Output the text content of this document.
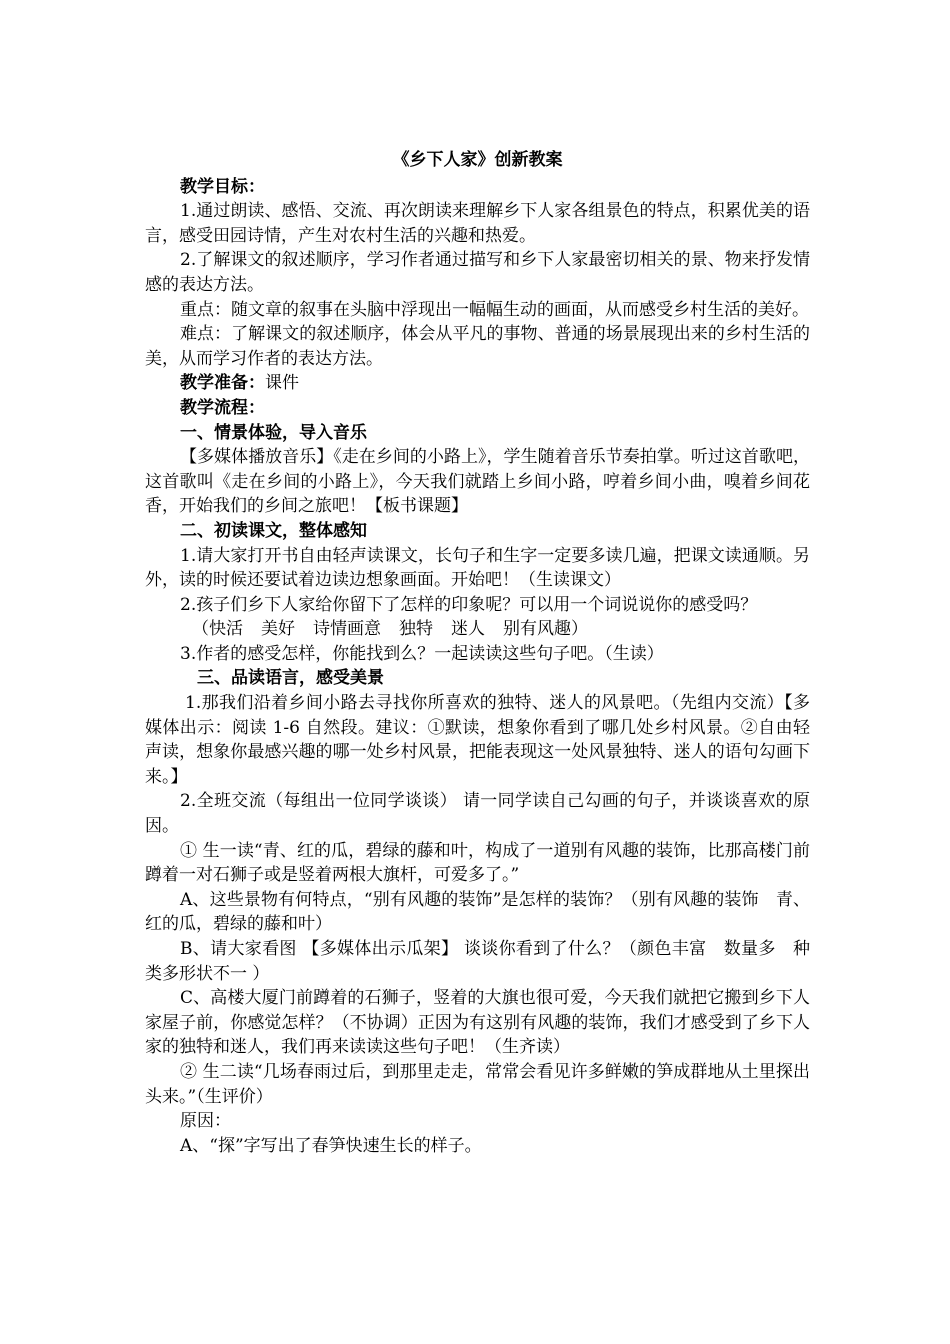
《乡下人家》创新教案

教学目标：

1.通过朗读、感悟、交流、再次朗读来理解乡下人家各组景色的特点，积累优美的语言，感受田园诗情，产生对农村生活的兴趣和热爱。

2.了解课文的叙述顺序，学习作者通过描写和乡下人家最密切相关的景、物来抒发情感的表达方法。

重点：随文章的叙事在头脑中浮现出一幅幅生动的画面，从而感受乡村生活的美好。

难点：了解课文的叙述顺序，体会从平凡的事物、普通的场景展现出来的乡村生活的美，从而学习作者的表达方法。

教学准备：课件

教学流程：

一、情景体验，导入音乐

【多媒体播放音乐】《走在乡间的小路上》，学生随着音乐节奏拍掌。听过这首歌吧，这首歌叫《走在乡间的小路上》，今天我们就踏上乡间小路，哼着乡间小曲，嗅着乡间花香，开始我们的乡间之旅吧！【板书课题】

二、初读课文，整体感知

1.请大家打开书自由轻声读课文，长句子和生字一定要多读几遍，把课文读通顺。另外，读的时候还要试着边读边想象画面。开始吧！（生读课文）

2.孩子们乡下人家给你留下了怎样的印象呢？可以用一个词说说你的感受吗？

（快活 美好 诗情画意 独特 迷人 别有风趣）

3.作者的感受怎样，你能找到么？一起读读这些句子吧。（生读）

三、品读语言，感受美景

1.那我们沿着乡间小路去寻找你所喜欢的独特、迷人的风景吧。（先组内交流）【多媒体出示：阅读 1-6 自然段。建议：①默读，想象你看到了哪几处乡村风景。②自由轻声读，想象你最感兴趣的哪一处乡村风景，把能表现这一处风景独特、迷人的语句勾画下来。】

2.全班交流（每组出一位同学谈谈） 请一同学读自己勾画的句子，并谈谈喜欢的原因。

① 生一读“青、红的瓜，碧绿的藤和叶，构成了一道别有风趣的装饰，比那高楼门前蹲着一对石狮子或是竖着两根大旗杆，可爱多了。”

A、这些景物有何特点，“别有风趣的装饰”是怎样的装饰？（别有风趣的装饰　青、红的瓜，碧绿的藤和叶）

B、请大家看图 【多媒体出示瓜架】 谈谈你看到了什么？（颜色丰富　数量多　种类多形状不一 ）

C、高楼大厦门前蹲着的石狮子，竖着的大旗也很可爱，今天我们就把它搬到乡下人家屋子前，你感觉怎样？（不协调）正因为有这别有风趣的装饰，我们才感受到了乡下人家的独特和迷人，我们再来读读这些句子吧！（生齐读）

② 生二读“几场春雨过后，到那里走走，常常会看见许多鲜嫩的笋成群地从土里探出头来。”（生评价）

原因：

A、“探”字写出了春笋快速生长的样子。
